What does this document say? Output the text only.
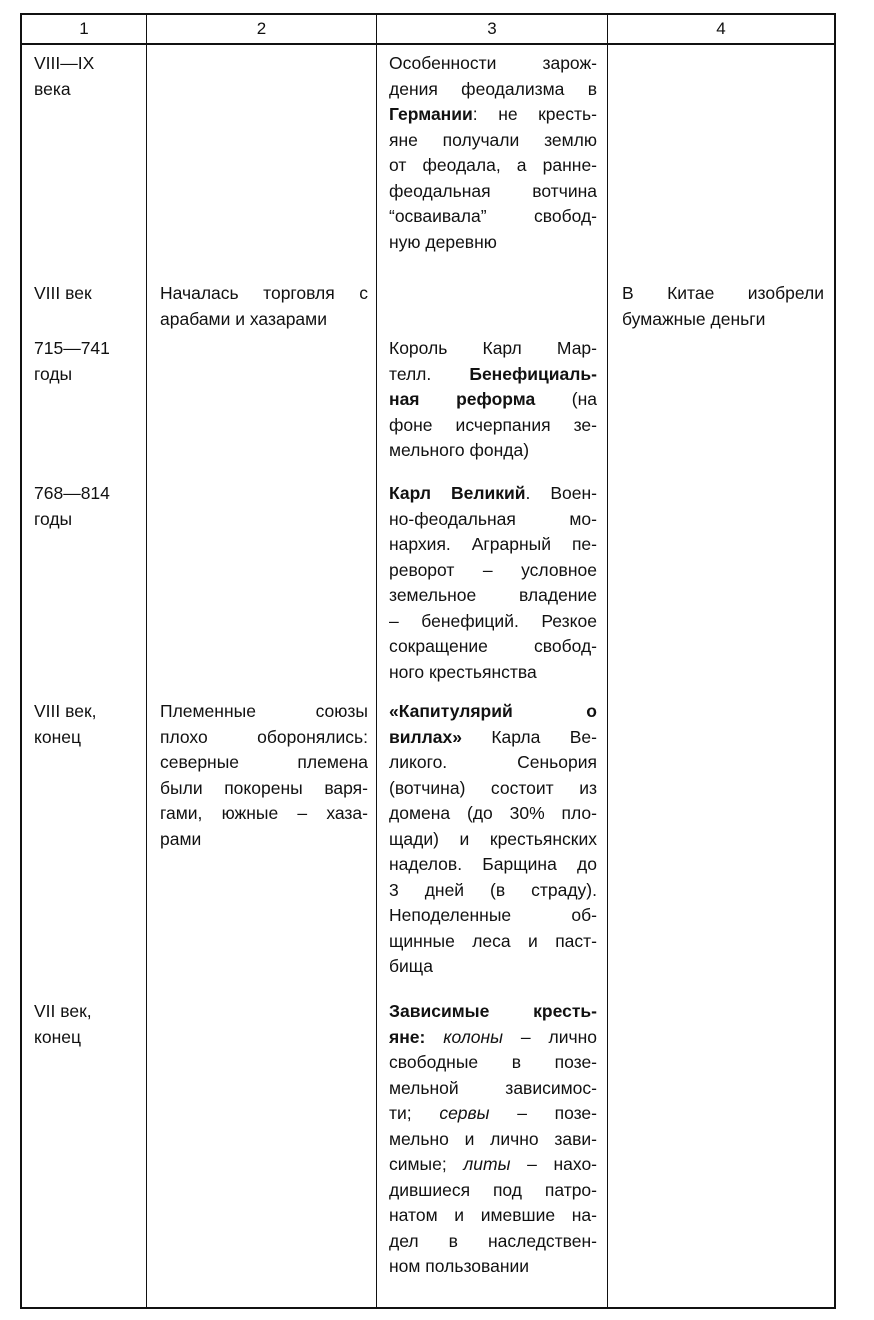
1	2	3	4
VIII—IX
века
Особенности зарож-
дения феодализма в
Германии: не кресть-
яне получали землю
от феодала, а ранне-
феодальная вотчина
“осваивала” свобод-
ную деревню
VIII век	Началась торговля с
арабами и хазарами
В Китае изобрели
бумажные деньги
715—741
годы
Король Карл Мар-
телл. Бенефициаль-
ная реформа (на
фоне исчерпания зе-
мельного фонда)
768—814
годы
Карл Великий. Воен-
но-феодальная мо-
нархия. Аграрный пе-
реворот – условное
земельное владение
– бенефиций. Резкое
сокращение свобод-
ного крестьянства
VIII век,
конец
Племенные союзы
плохо оборонялись:
северные племена
были покорены варя-
гами, южные – хаза-
рами
«Капитулярий о
виллах» Карла Ве-
ликого. Сеньория
(вотчина) состоит из
домена (до 30% пло-
щади) и крестьянских
наделов. Барщина до
3 дней (в страду).
Неподеленные об-
щинные леса и паст-
бища
VII век,
конец
Зависимые кресть-
яне: колоны – лично
свободные в позе-
мельной зависимос-
ти; сервы – позе-
мельно и лично зави-
симые; литы – нахо-
дившиеся под патро-
натом и имевшие на-
дел в наследствен-
ном пользовании
